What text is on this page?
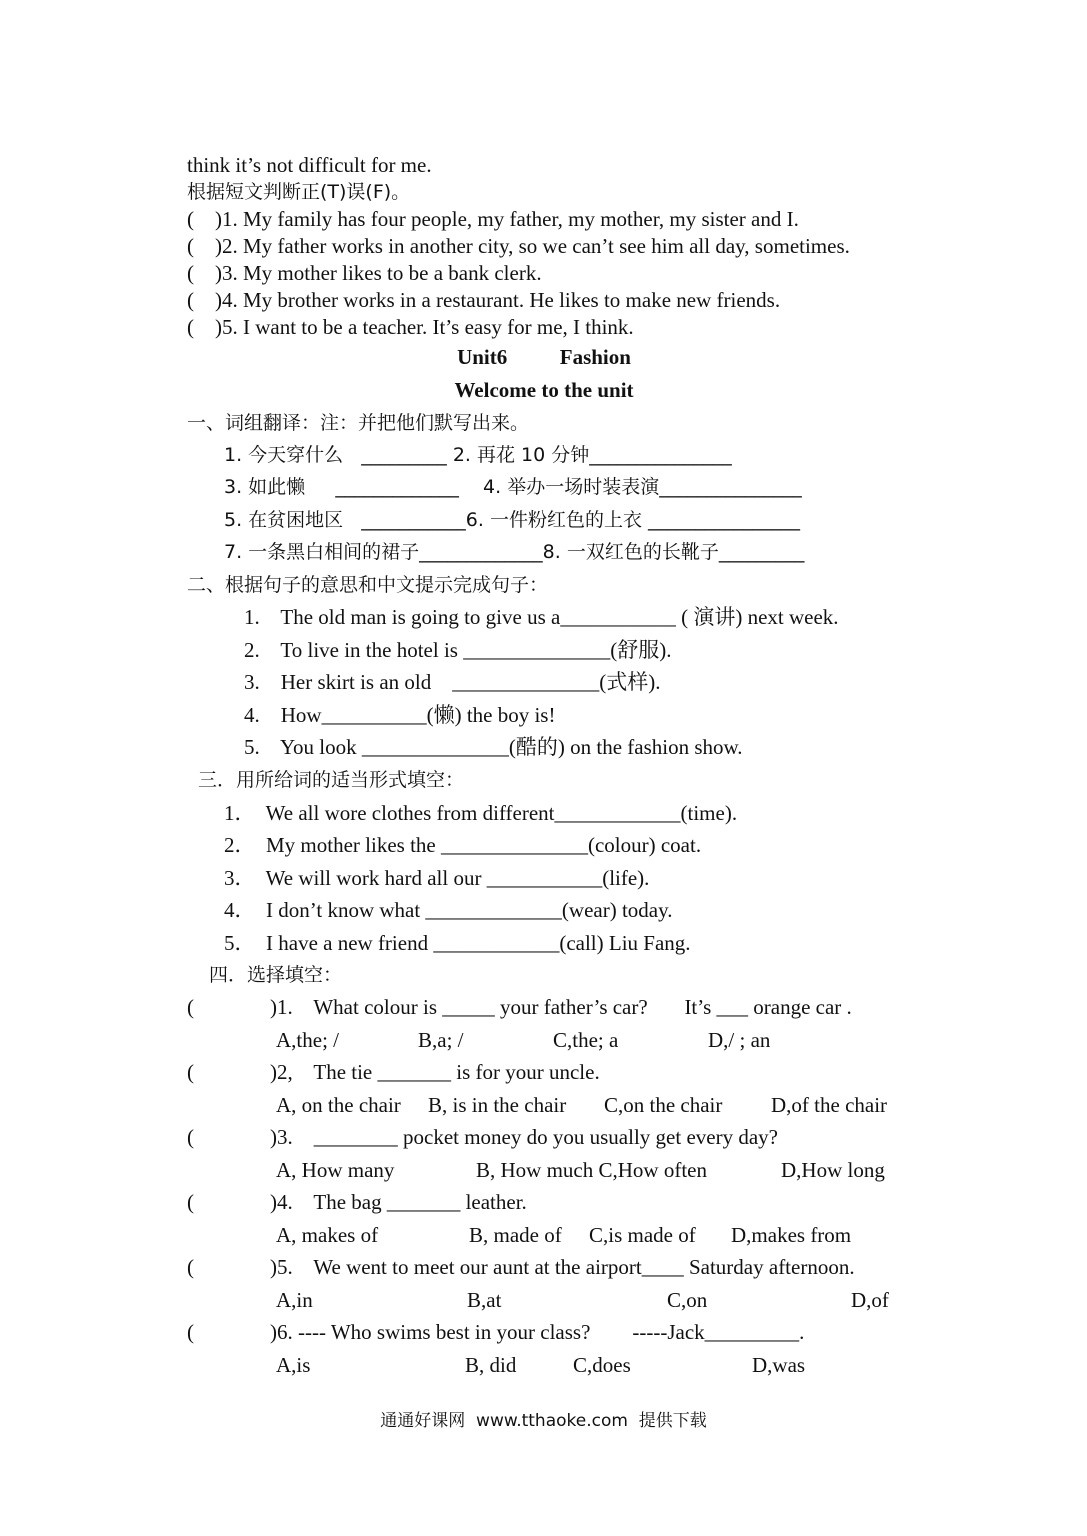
think it’s not difficult for me.
根据短文判断正(T)误(F)。
(    )1. My family has four people, my father, my mother, my sister and I.
(    )2. My father works in another city, so we can’t see him all day, sometimes.
(    )3. My mother likes to be a bank clerk.
(    )4. My brother works in a restaurant. He likes to make new friends.
(    )5. I want to be a teacher. It’s easy for me, I think.
Unit6          Fashion
Welcome to the unit
一、词组翻译：注：并把他们默写出来。
1. 今天穿什么   _________ 2. 再花 10 分钟_______________
3. 如此懒     _____________    4. 举办一场时装表演_______________
5. 在贫困地区   ___________6. 一件粉红色的上衣 ________________
7. 一条黑白相间的裙子_____________8. 一双红色的长靴子_________
二、根据句子的意思和中文提示完成句子：
1.    The old man is going to give us a___________ ( 演讲) next week.
2.    To live in the hotel is ______________(舒服).
3.    Her skirt is an old    ______________(式样).
4.    How__________(懒) the boy is!
5.    You look ______________(酷的) on the fashion show.
三．用所给词的适当形式填空：
1．  We all wore clothes from different____________(time).
2．  My mother likes the ______________(colour) coat.
3．  We will work hard all our ___________(life).
4．  I don’t know what _____________(wear) today.
5．  I have a new friend ____________(call) Liu Fang.
四．选择填空：
(	)1.    What colour is _____ your father’s car?       It’s ___ orange car .
A,the; /	B,a; /	C,the; a	D,/ ; an
(	)2,    The tie _______ is for your uncle.
A, on the chair B, is in the chair C,on the chair D,of the chair
(	)3.    ________ pocket money do you usually get every day?
A, How many	B, How much C,How often	D,How long
(	)4.    The bag _______ leather.
A, makes of	B, made of C,is made of D,makes from
(	)5.    We went to meet our aunt at the airport____ Saturday afternoon.
A,in	B,at	C,on	D,of
(	)6. ---- Who swims best in your class?        -----Jack_________.
A,is	B, did	C,does	D,was
通通好课网  www.tthaoke.com  提供下载
